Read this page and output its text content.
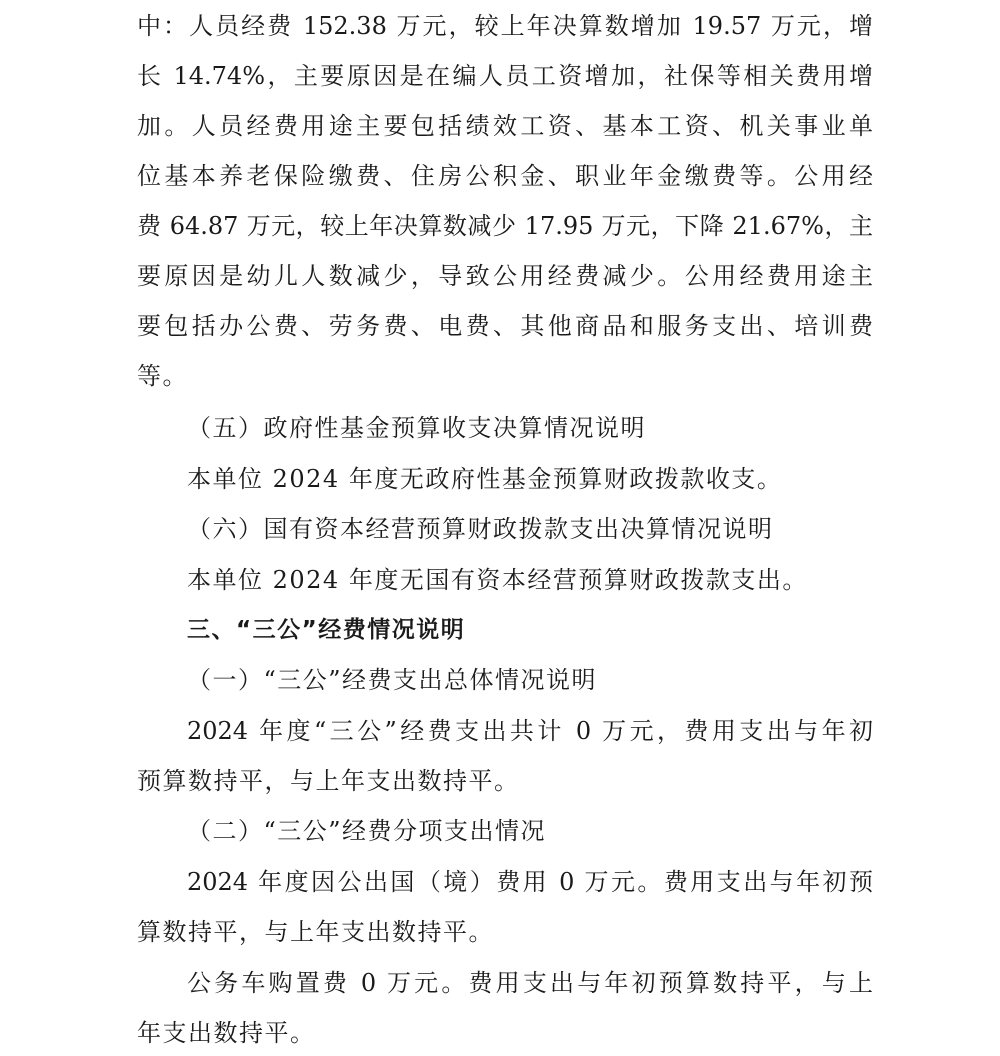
中：人员经费 152.38 万元，较上年决算数增加 19.57 万元，增
长 14.74%，主要原因是在编人员工资增加，社保等相关费用增
加。人员经费用途主要包括绩效工资、基本工资、机关事业单
位基本养老保险缴费、住房公积金、职业年金缴费等。公用经
费 64.87 万元，较上年决算数减少 17.95 万元，下降 21.67%，主
要原因是幼儿人数减少，导致公用经费减少。公用经费用途主
要包括办公费、劳务费、电费、其他商品和服务支出、培训费
等。
（五）政府性基金预算收支决算情况说明
本单位 2024 年度无政府性基金预算财政拨款收支。
（六）国有资本经营预算财政拨款支出决算情况说明
本单位 2024 年度无国有资本经营预算财政拨款支出。
三、“三公”经费情况说明
（一）“三公”经费支出总体情况说明
2024 年度“三公”经费支出共计 0 万元，费用支出与年初
预算数持平，与上年支出数持平。
（二）“三公”经费分项支出情况
2024 年度因公出国（境）费用 0 万元。费用支出与年初预
算数持平，与上年支出数持平。
公务车购置费 0 万元。费用支出与年初预算数持平，与上
年支出数持平。
